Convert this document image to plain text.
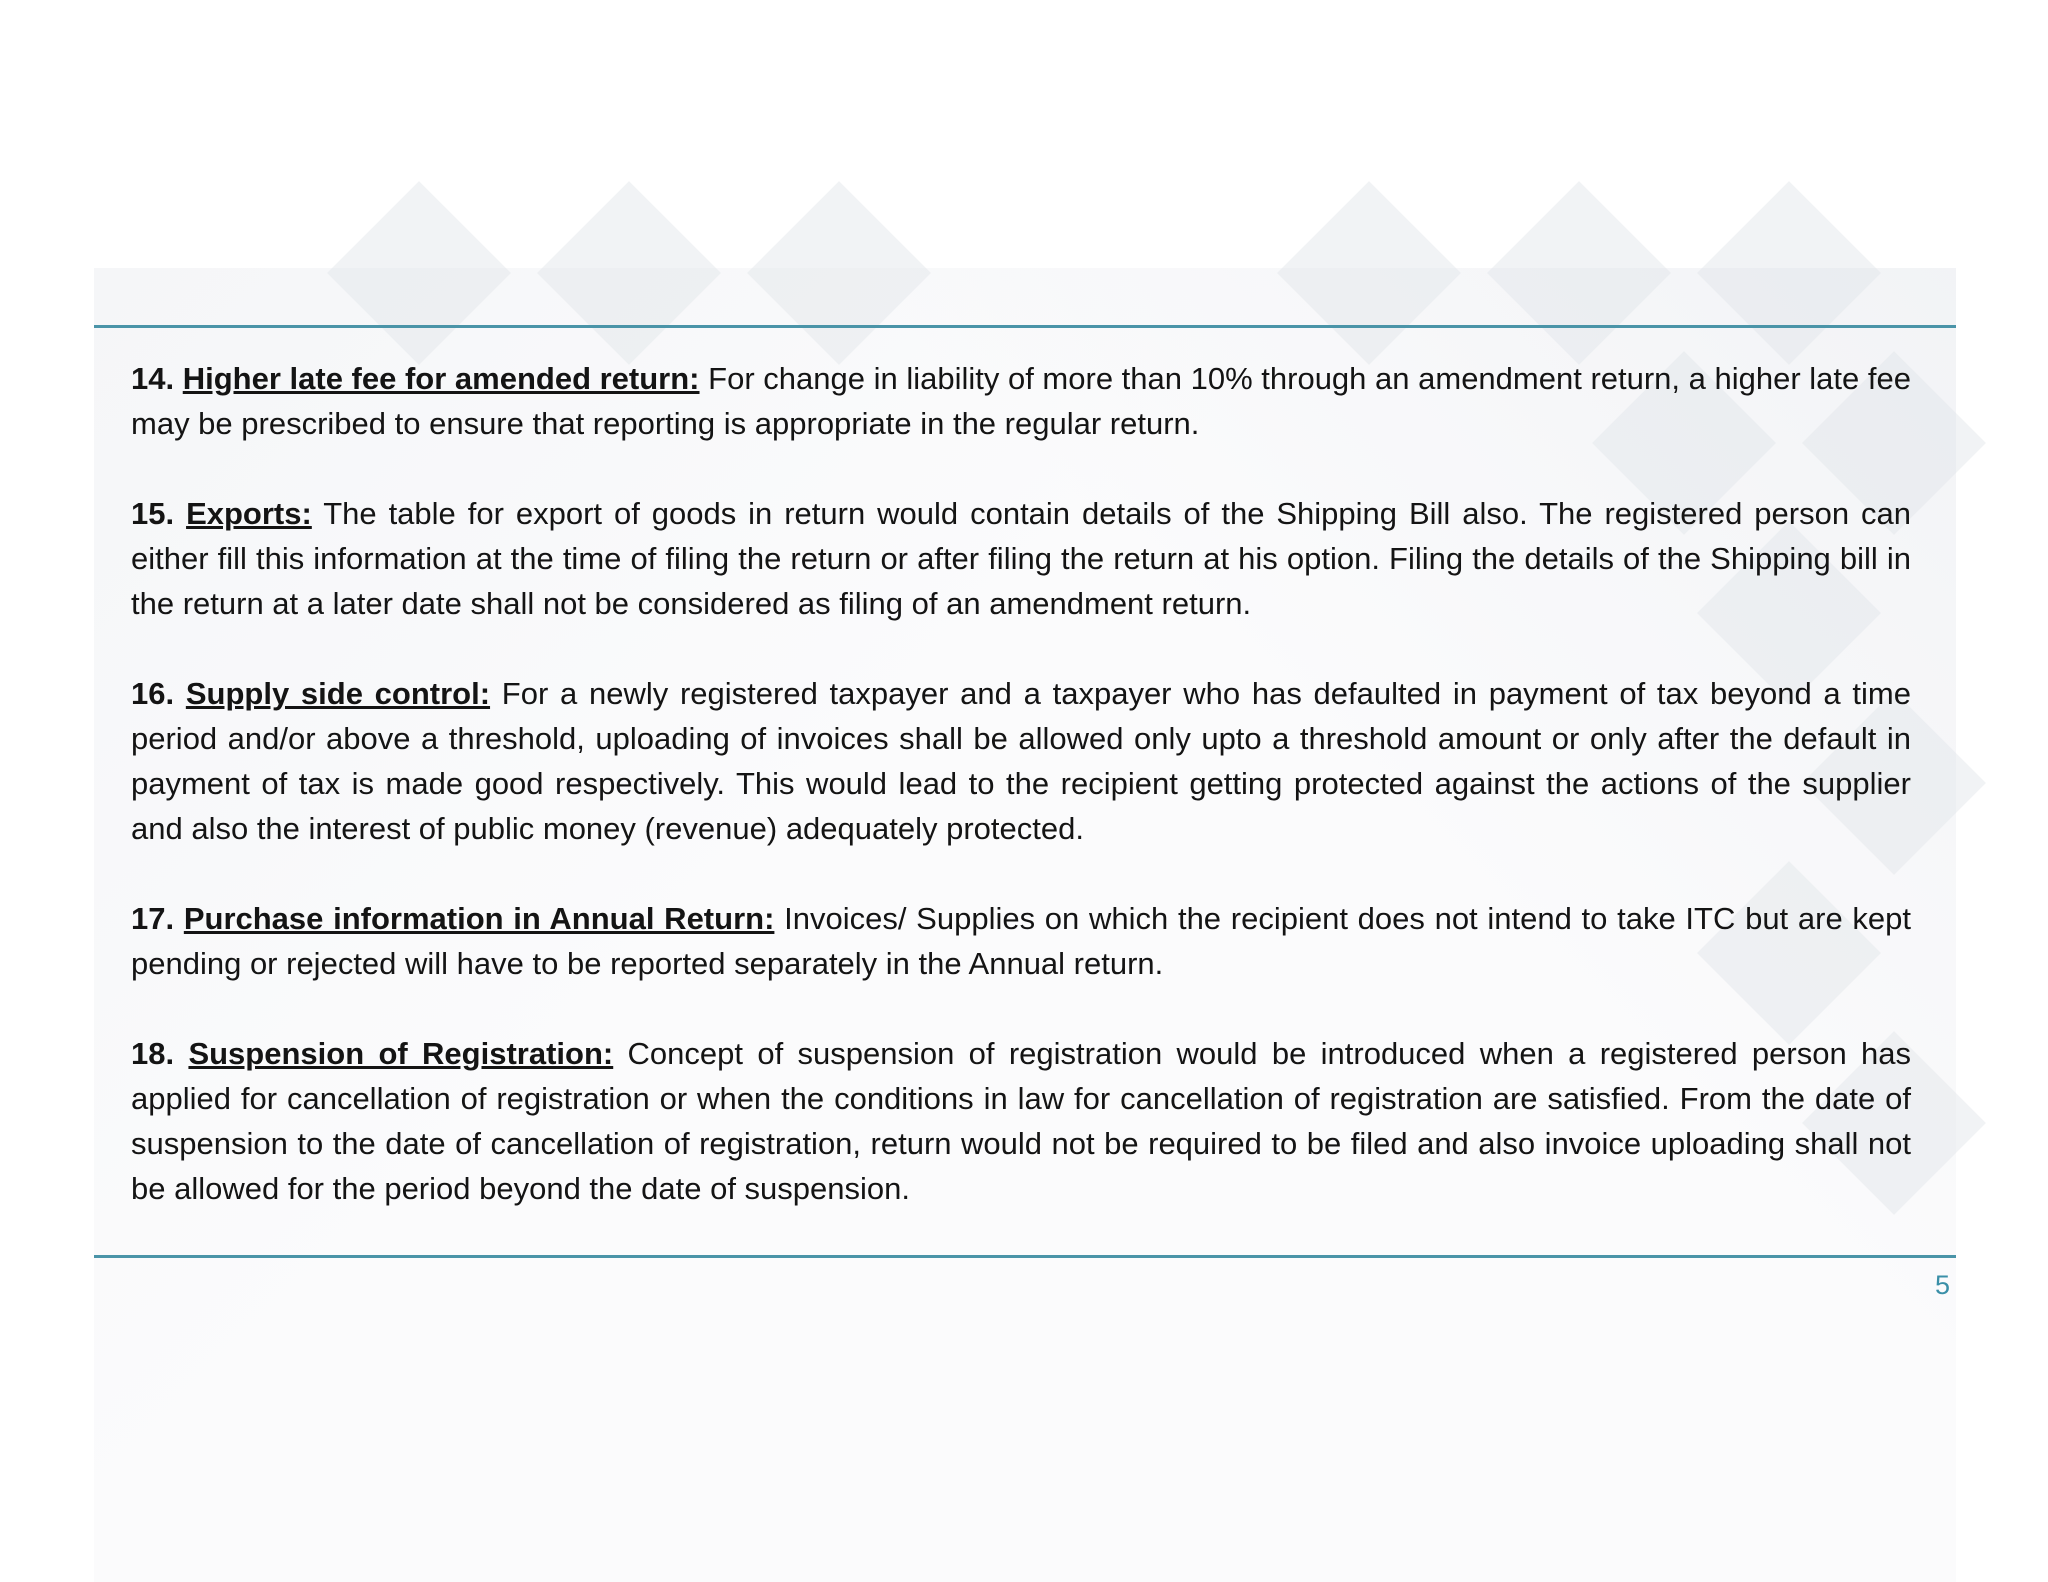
14. Higher late fee for amended return: For change in liability of more than 10% through an amendment return, a higher late fee may be prescribed to ensure that reporting is appropriate in the regular return.

15. Exports: The table for export of goods in return would contain details of the Shipping Bill also. The registered person can either fill this information at the time of filing the return or after filing the return at his option. Filing the details of the Shipping bill in the return at a later date shall not be considered as filing of an amendment return.

16. Supply side control: For a newly registered taxpayer and a taxpayer who has defaulted in payment of tax beyond a time period and/or above a threshold, uploading of invoices shall be allowed only upto a threshold amount or only after the default in payment of tax is made good respectively. This would lead to the recipient getting protected against the actions of the supplier and also the interest of public money (revenue) adequately protected.

17. Purchase information in Annual Return: Invoices/ Supplies on which the recipient does not intend to take ITC but are kept pending or rejected will have to be reported separately in the Annual return.

18. Suspension of Registration: Concept of suspension of registration would be introduced when a registered person has applied for cancellation of registration or when the conditions in law for cancellation of registration are satisfied. From the date of suspension to the date of cancellation of registration, return would not be required to be filed and also invoice uploading shall not be allowed for the period beyond the date of suspension.

5
